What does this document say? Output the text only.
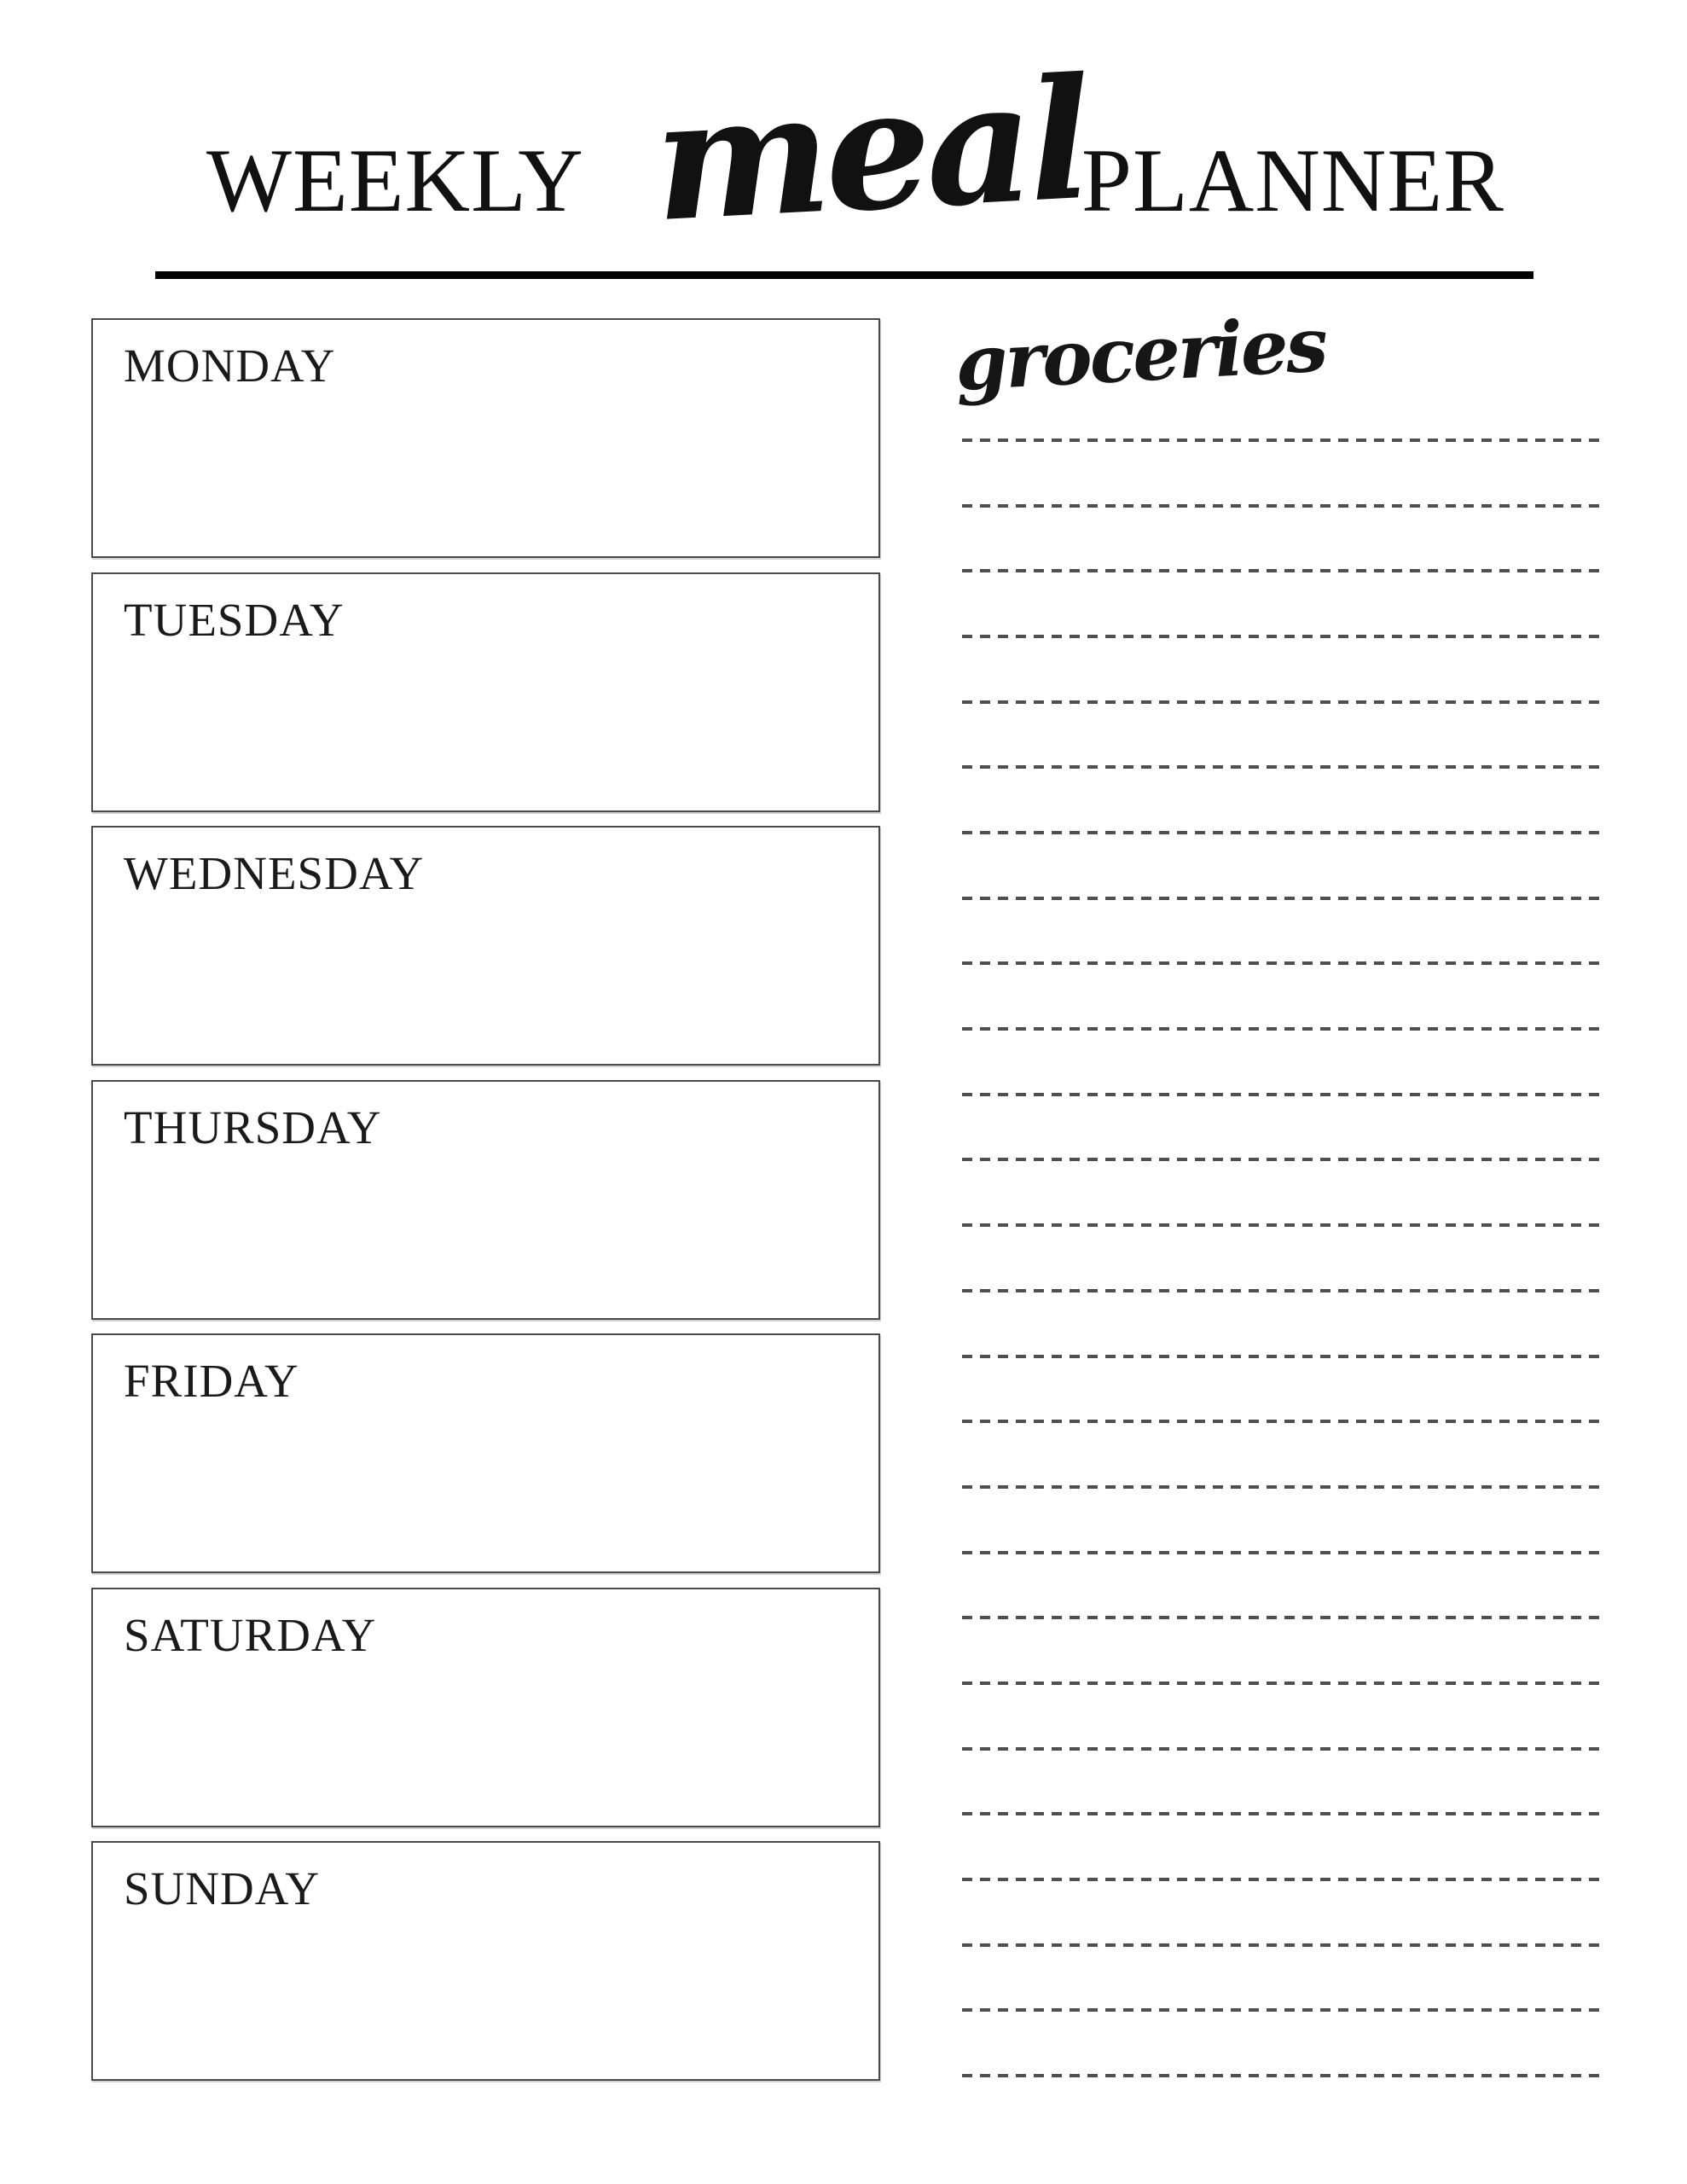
WEEKLY meal
PLANNER
MONDAY
TUESDAY
WEDNESDAY
THURSDAY
FRIDAY
SATURDAY
SUNDAY
groceries
